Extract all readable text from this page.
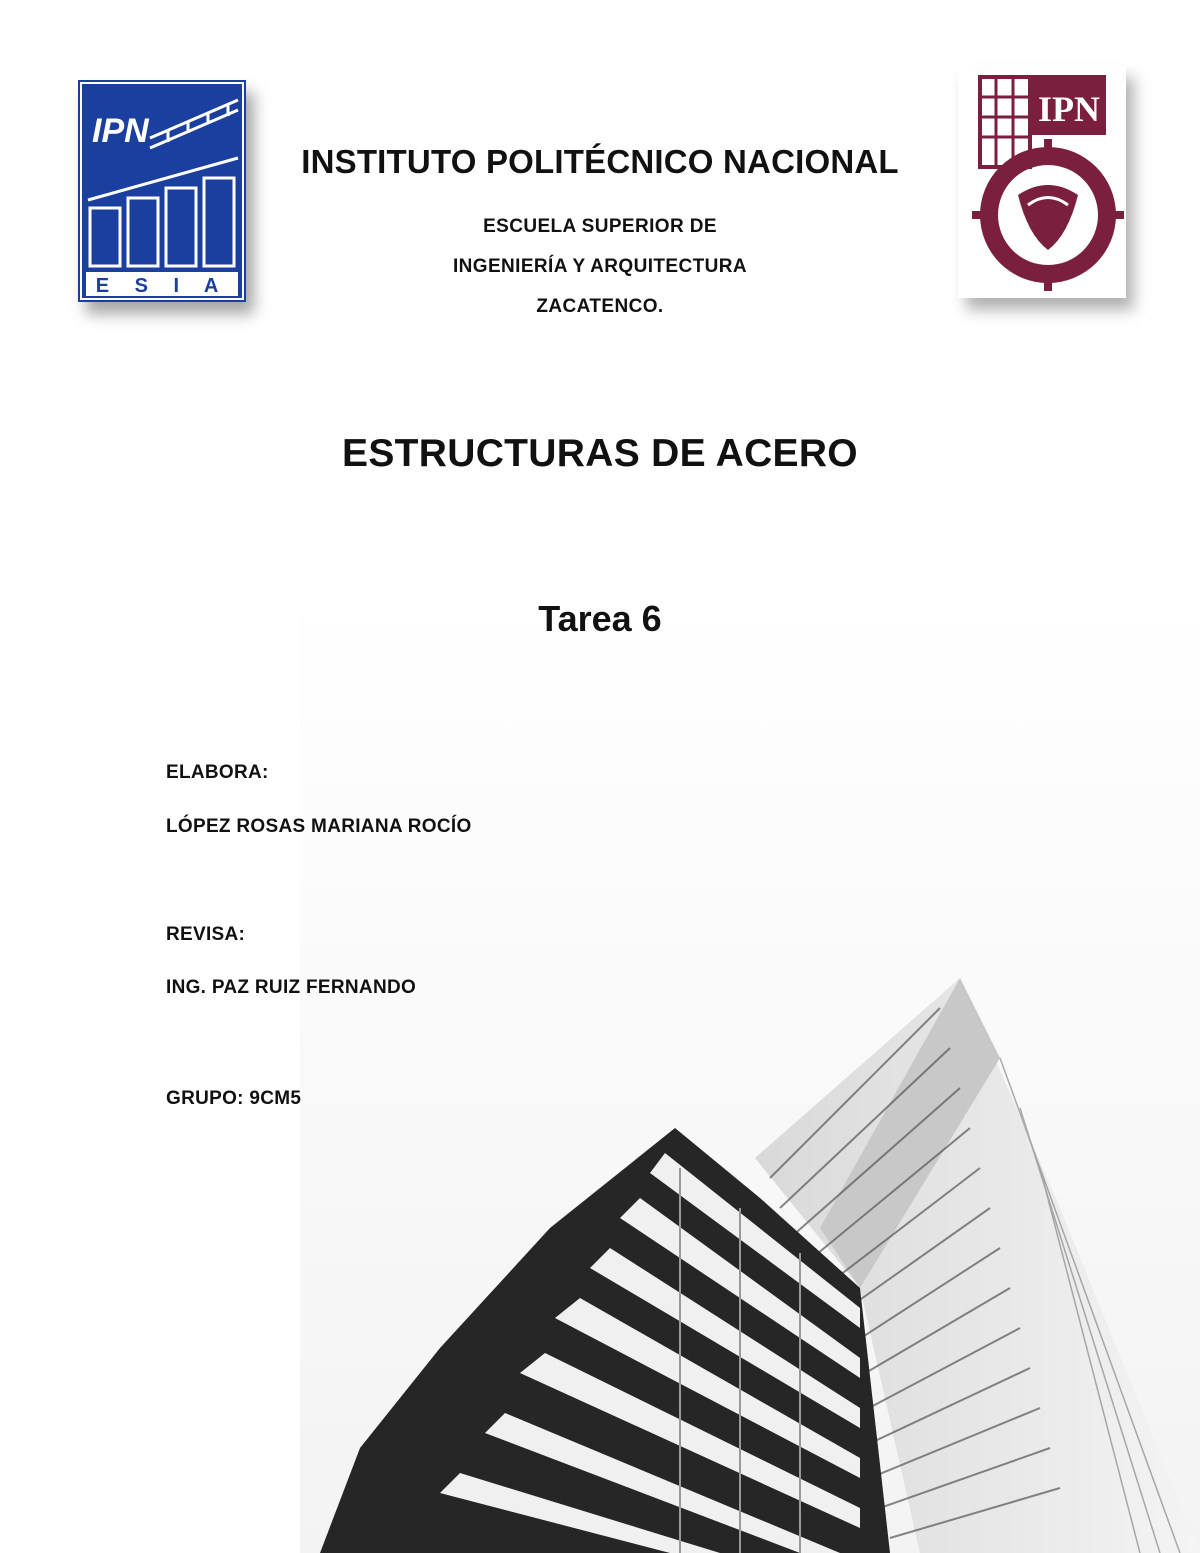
IPN
E S I A
IPN
INSTITUTO POLITÉCNICO NACIONAL
ESCUELA SUPERIOR DE
INGENIERÍA Y ARQUITECTURA
ZACATENCO.
ESTRUCTURAS DE ACERO
Tarea 6
ELABORA:
LÓPEZ ROSAS MARIANA ROCÍO
REVISA:
ING. PAZ RUIZ FERNANDO
GRUPO: 9CM5
